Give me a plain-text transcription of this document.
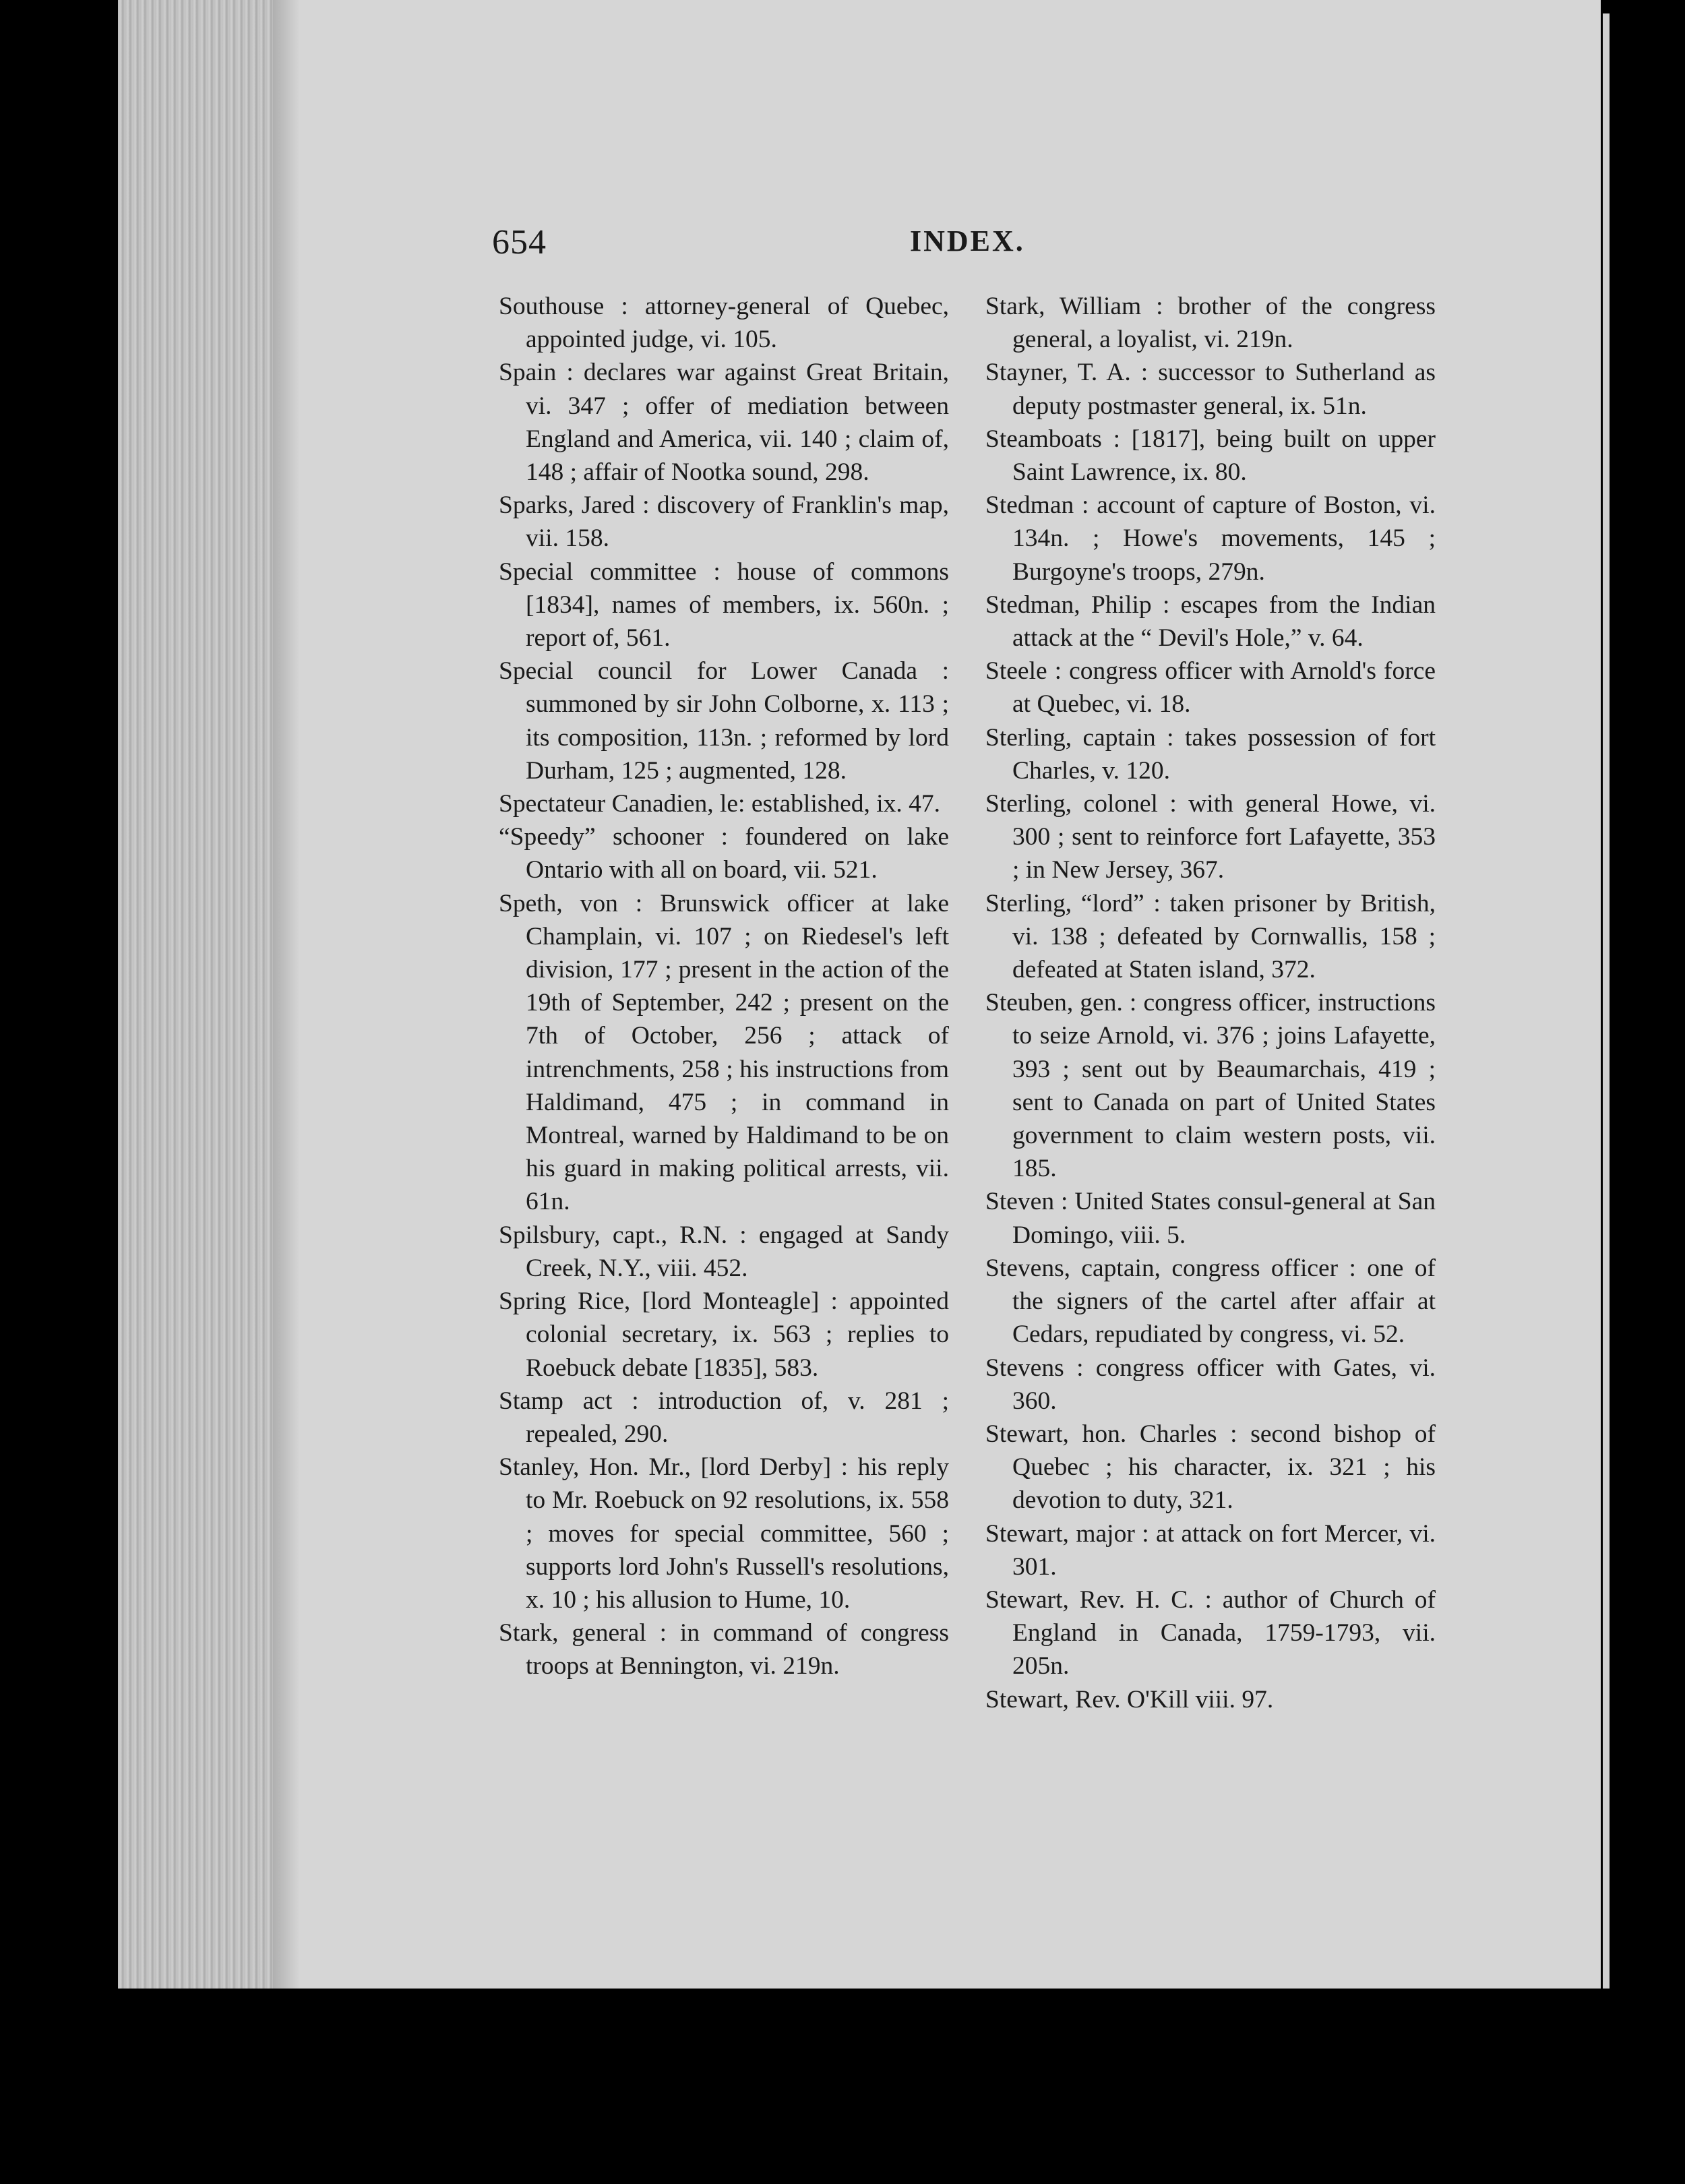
654	INDEX.

Southouse : attorney-general of Quebec, appointed judge, vi. 105.

Spain : declares war against Great Britain, vi. 347 ; offer of mediation between England and America, vii. 140 ; claim of, 148 ; affair of Nootka sound, 298.

Sparks, Jared : discovery of Franklin's map, vii. 158.

Special committee : house of commons [1834], names of members, ix. 560n. ; report of, 561.

Special council for Lower Canada : summoned by sir John Colborne, x. 113 ; its composition, 113n. ; reformed by lord Durham, 125 ; augmented, 128.

Spectateur Canadien, le: established, ix. 47.

“Speedy” schooner : foundered on lake Ontario with all on board, vii. 521.

Speth, von : Brunswick officer at lake Champlain, vi. 107 ; on Riedesel's left division, 177 ; present in the action of the 19th of September, 242 ; present on the 7th of October, 256 ; attack of intrenchments, 258 ; his instructions from Haldimand, 475 ; in command in Montreal, warned by Haldimand to be on his guard in making political arrests, vii. 61n.

Spilsbury, capt., R.N. : engaged at Sandy Creek, N.Y., viii. 452.

Spring Rice, [lord Monteagle] : appointed colonial secretary, ix. 563 ; replies to Roebuck debate [1835], 583.

Stamp act : introduction of, v. 281 ; repealed, 290.

Stanley, Hon. Mr., [lord Derby] : his reply to Mr. Roebuck on 92 resolutions, ix. 558 ; moves for special committee, 560 ; supports lord John's Russell's resolutions, x. 10 ; his allusion to Hume, 10.

Stark, general : in command of congress troops at Bennington, vi. 219n.

Stark, William : brother of the congress general, a loyalist, vi. 219n.

Stayner, T. A. : successor to Sutherland as deputy postmaster general, ix. 51n.

Steamboats : [1817], being built on upper Saint Lawrence, ix. 80.

Stedman : account of capture of Boston, vi. 134n. ; Howe's movements, 145 ; Burgoyne's troops, 279n.

Stedman, Philip : escapes from the Indian attack at the “ Devil's Hole,” v. 64.

Steele : congress officer with Arnold's force at Quebec, vi. 18.

Sterling, captain : takes possession of fort Charles, v. 120.

Sterling, colonel : with general Howe, vi. 300 ; sent to reinforce fort Lafayette, 353 ; in New Jersey, 367.

Sterling, “lord” : taken prisoner by British, vi. 138 ; defeated by Cornwallis, 158 ; defeated at Staten island, 372.

Steuben, gen. : congress officer, instructions to seize Arnold, vi. 376 ; joins Lafayette, 393 ; sent out by Beaumarchais, 419 ; sent to Canada on part of United States government to claim western posts, vii. 185.

Steven : United States consul-general at San Domingo, viii. 5.

Stevens, captain, congress officer : one of the signers of the cartel after affair at Cedars, repudiated by congress, vi. 52.

Stevens : congress officer with Gates, vi. 360.

Stewart, hon. Charles : second bishop of Quebec ; his character, ix. 321 ; his devotion to duty, 321.

Stewart, major : at attack on fort Mercer, vi. 301.

Stewart, Rev. H. C. : author of Church of England in Canada, 1759-1793, vii. 205n.

Stewart, Rev. O'Kill viii. 97.
